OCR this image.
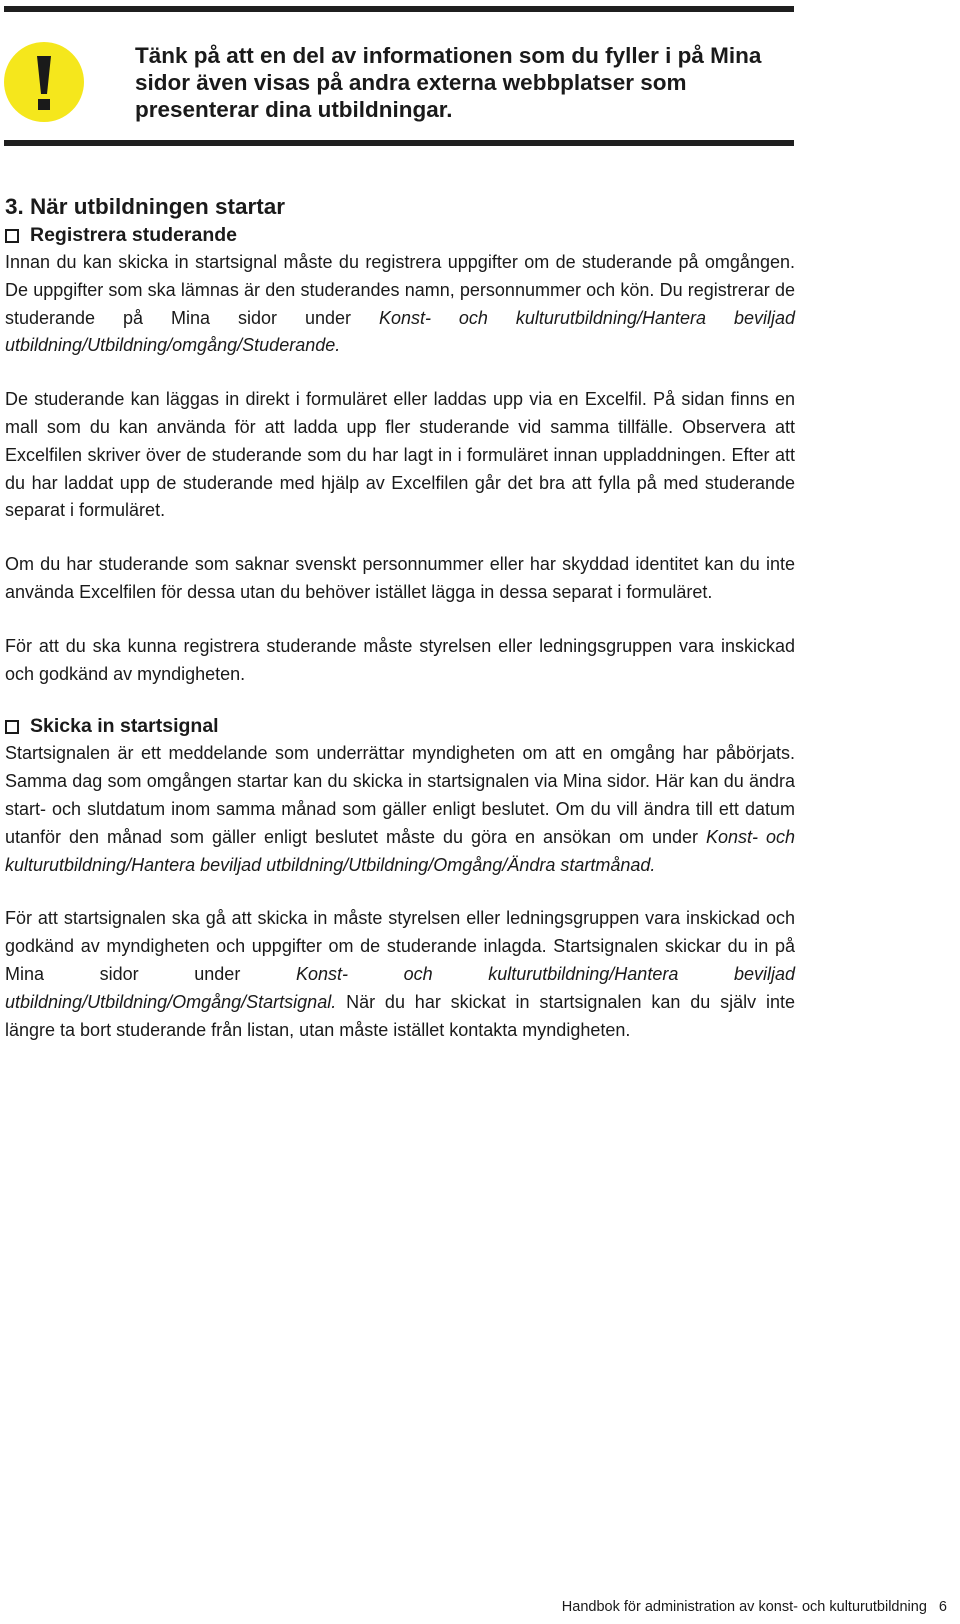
Tänk på att en del av informationen som du fyller i på Mina sidor även visas på andra externa webbplatser som presenterar dina utbildningar.
3. När utbildningen startar
Registrera studerande

Innan du kan skicka in startsignal måste du registrera uppgifter om de studerande på omgången. De uppgifter som ska lämnas är den studerandes namn, personnummer och kön. Du registrerar de studerande på Mina sidor under Konst- och kulturutbildning/Hantera beviljad utbildning/Utbildning/omgång/Studerande.

De studerande kan läggas in direkt i formuläret eller laddas upp via en Excelfil. På sidan finns en mall som du kan använda för att ladda upp fler studerande vid samma tillfälle. Observera att Excelfilen skriver över de studerande som du har lagt in i formuläret innan uppladdningen. Efter att du har laddat upp de studerande med hjälp av Excelfilen går det bra att fylla på med studerande separat i formuläret.

Om du har studerande som saknar svenskt personnummer eller har skyddad identitet kan du inte använda Excelfilen för dessa utan du behöver istället lägga in dessa separat i formuläret.

För att du ska kunna registrera studerande måste styrelsen eller ledningsgruppen vara inskickad och godkänd av myndigheten.

Skicka in startsignal

Startsignalen är ett meddelande som underrättar myndigheten om att en omgång har påbörjats. Samma dag som omgången startar kan du skicka in startsignalen via Mina sidor. Här kan du ändra start- och slutdatum inom samma månad som gäller enligt beslutet. Om du vill ändra till ett datum utanför den månad som gäller enligt beslutet måste du göra en ansökan om under Konst- och kulturutbildning/Hantera beviljad utbildning/Utbildning/Omgång/Ändra startmånad.

För att startsignalen ska gå att skicka in måste styrelsen eller ledningsgruppen vara inskickad och godkänd av myndigheten och uppgifter om de studerande inlagda. Startsignalen skickar du in på Mina sidor under Konst- och kulturutbildning/Hantera beviljad utbildning/Utbildning/Omgång/Startsignal. När du har skickat in startsignalen kan du själv inte längre ta bort studerande från listan, utan måste istället kontakta myndigheten.

Handbok för administration av konst- och kulturutbildning 6
